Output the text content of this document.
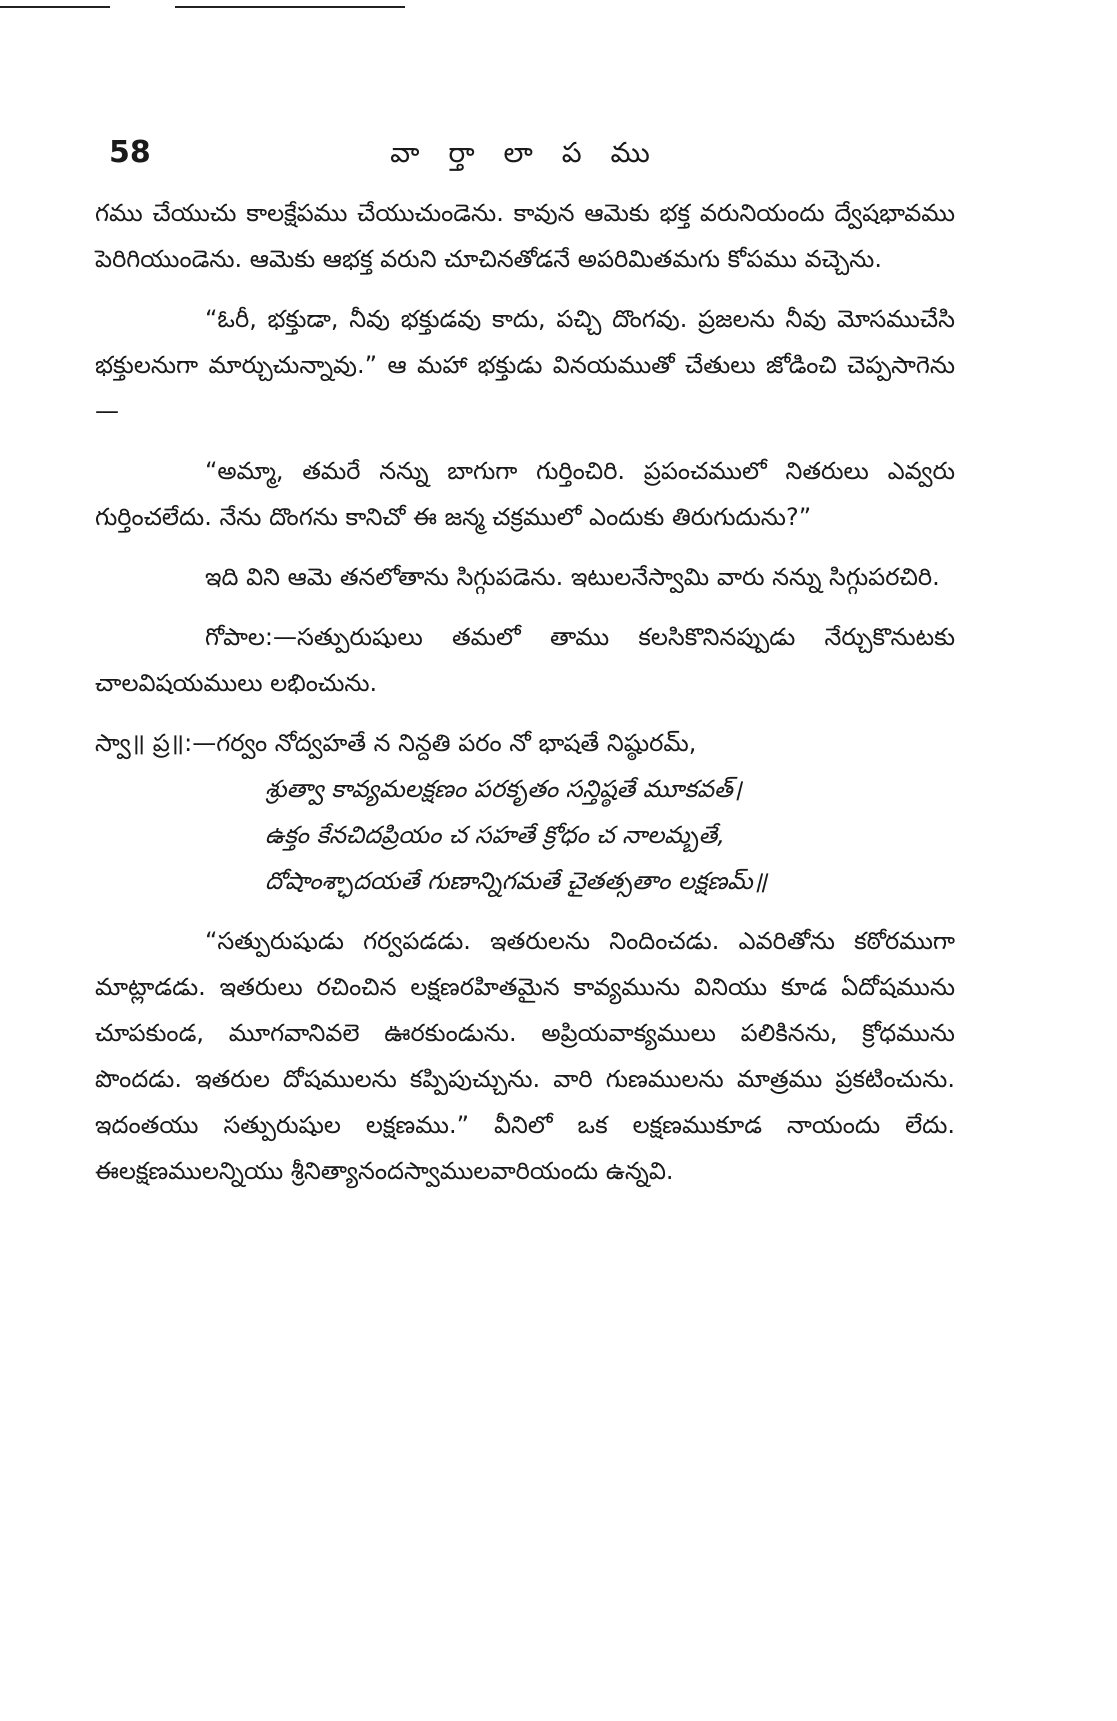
58	వా ర్తా లా ప ము

గము చేయుచు కాలక్షేపము చేయుచుండెను. కావున ఆమెకు భక్త వరునియందు ద్వేషభావము పెరిగియుండెను. ఆమెకు ఆభక్త వరుని చూచినతోడనే అపరిమితమగు కోపము వచ్చెను.

“ఓరీ, భక్తుడా, నీవు భక్తుడవు కాదు, పచ్చి దొంగవు. ప్రజలను నీవు మోసముచేసి భక్తులనుగా మార్చుచున్నావు.” ఆ మహా భక్తుడు వినయముతో చేతులు జోడించి చెప్పసాగెను—

“అమ్మా, తమరే నన్ను బాగుగా గుర్తించిరి. ప్రపంచములో నితరులు ఎవ్వరు గుర్తించలేదు. నేను దొంగను కానిచో ఈ జన్మ చక్రములో ఎందుకు తిరుగుదును?”

ఇది విని ఆమె తనలోతాను సిగ్గుపడెను. ఇటులనేస్వామి వారు నన్ను సిగ్గుపరచిరి.

గోపాల:—సత్పురుషులు తమలో తాము కలసికొనినప్పుడు నేర్చుకొనుటకు చాలవిషయములు లభించును.

స్వా॥ ప్ర॥:—గర్వం నోద్వహతే న నిన్దతి పరం నో భాషతే నిష్ఠురమ్,
శ్రుత్వా కావ్యమలక్షణం పరకృతం సన్తిష్ఠతే మూకవత్।
ఉక్తం కేనచిదప్రియం చ సహతే క్రోధం చ నాలమ్బతే,
దోషాంశ్ఛాదయతే గుణాన్నిగమతే చైతత్సతాం లక్షణమ్॥

“సత్పురుషుడు గర్వపడడు. ఇతరులను నిందించడు. ఎవరితోను కఠోరముగా మాట్లాడడు. ఇతరులు రచించిన లక్షణరహితమైన కావ్యమును వినియు కూడ ఏదోషమును చూపకుండ, మూగవానివలె ఊరకుండును. అప్రియవాక్యములు పలికినను, క్రోధమును పొందడు. ఇతరుల దోషములను కప్పిపుచ్చును. వారి గుణములను మాత్రము ప్రకటించును. ఇదంతయు సత్పురుషుల లక్షణము.” వీనిలో ఒక లక్షణముకూడ నాయందు లేదు. ఈలక్షణములన్నియు శ్రీనిత్యానందస్వాములవారియందు ఉన్నవి.
